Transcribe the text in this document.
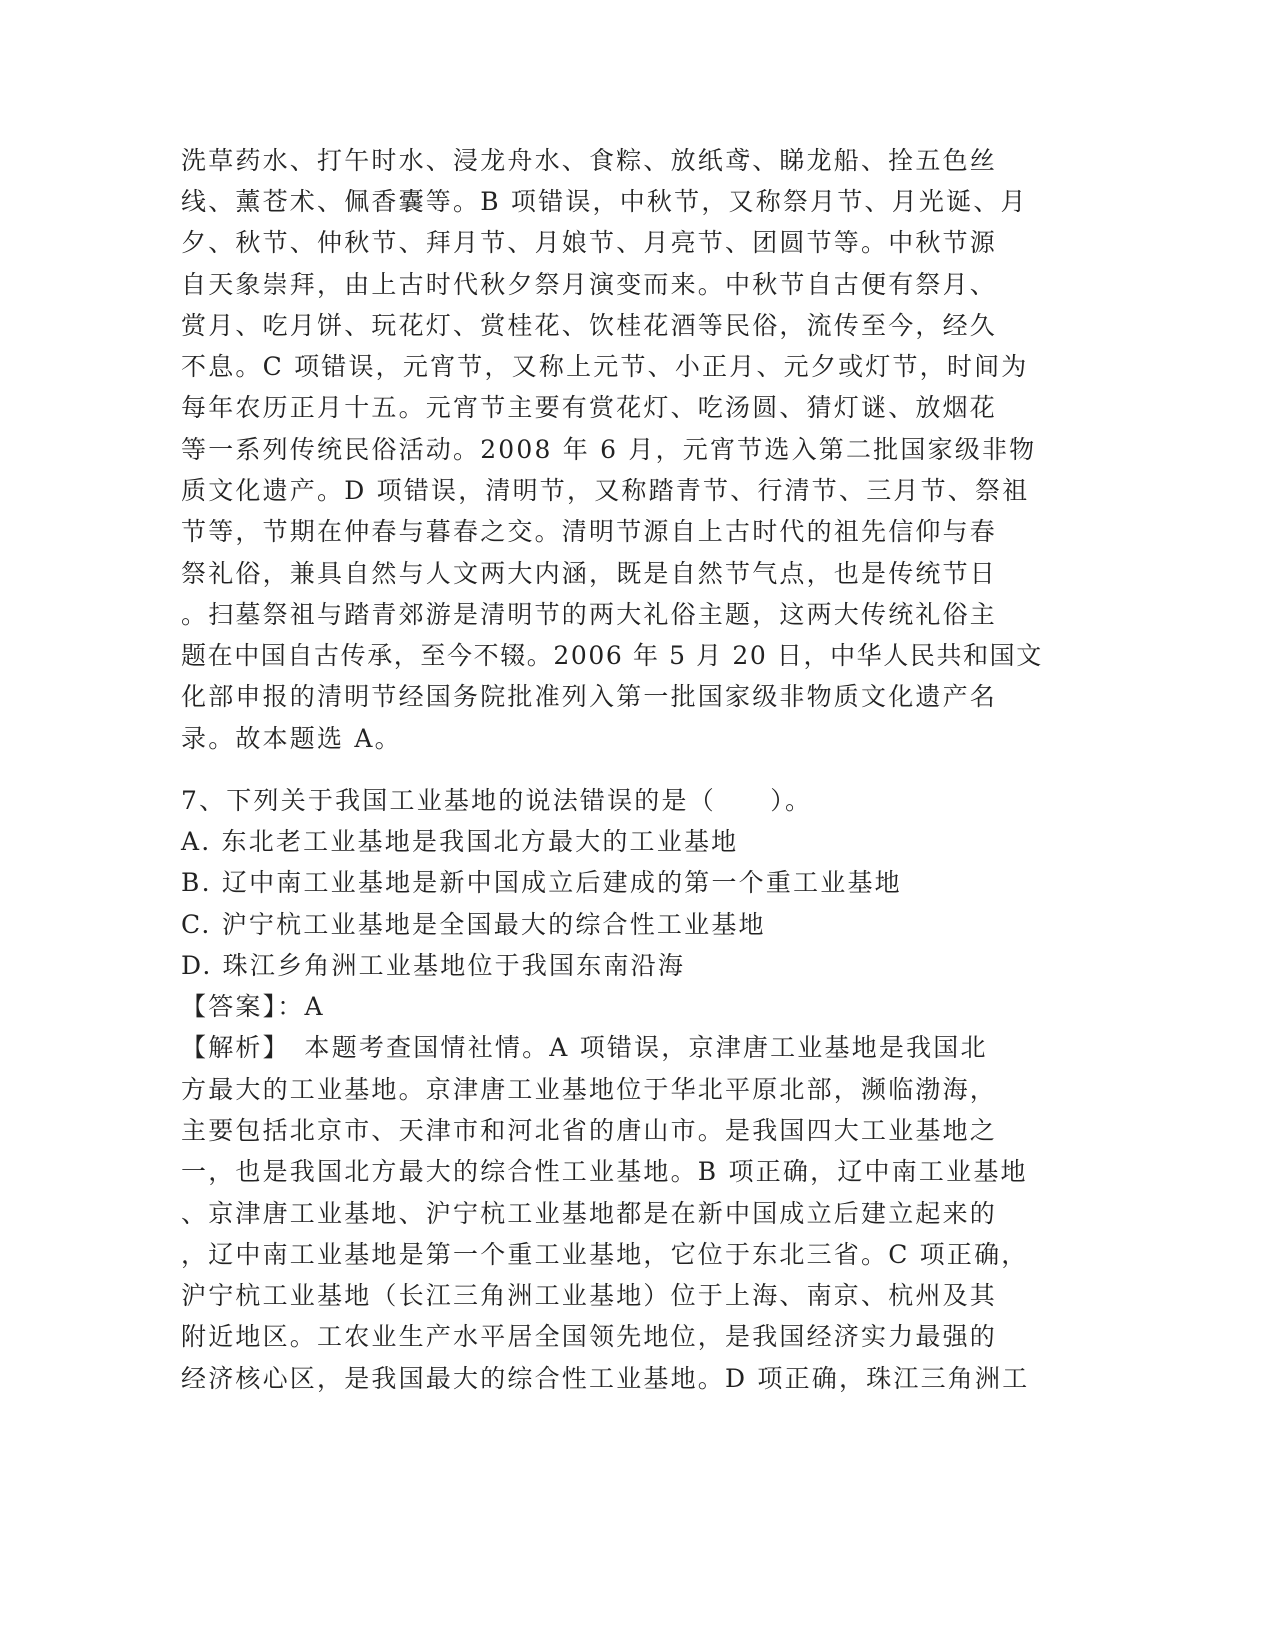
洗草药水、打午时水、浸龙舟水、食粽、放纸鸢、睇龙船、拴五色丝
线、薰苍术、佩香囊等。B 项错误，中秋节，又称祭月节、月光诞、月
夕、秋节、仲秋节、拜月节、月娘节、月亮节、团圆节等。中秋节源
自天象崇拜，由上古时代秋夕祭月演变而来。中秋节自古便有祭月、
赏月、吃月饼、玩花灯、赏桂花、饮桂花酒等民俗，流传至今，经久
不息。C 项错误，元宵节，又称上元节、小正月、元夕或灯节，时间为
每年农历正月十五。元宵节主要有赏花灯、吃汤圆、猜灯谜、放烟花
等一系列传统民俗活动。2008 年 6 月，元宵节选入第二批国家级非物
质文化遗产。D 项错误，清明节，又称踏青节、行清节、三月节、祭祖
节等，节期在仲春与暮春之交。清明节源自上古时代的祖先信仰与春
祭礼俗，兼具自然与人文两大内涵，既是自然节气点，也是传统节日
。扫墓祭祖与踏青郊游是清明节的两大礼俗主题，这两大传统礼俗主
题在中国自古传承，至今不辍。2006 年 5 月 20 日，中华人民共和国文
化部申报的清明节经国务院批准列入第一批国家级非物质文化遗产名
录。故本题选 A。
7、下列关于我国工业基地的说法错误的是（　　）。
A. 东北老工业基地是我国北方最大的工业基地
B. 辽中南工业基地是新中国成立后建成的第一个重工业基地
C. 沪宁杭工业基地是全国最大的综合性工业基地
D. 珠江乡角洲工业基地位于我国东南沿海
【答案】：A
【解析】　本题考查国情社情。A 项错误，京津唐工业基地是我国北
方最大的工业基地。京津唐工业基地位于华北平原北部，濒临渤海，
主要包括北京市、天津市和河北省的唐山市。是我国四大工业基地之
一，也是我国北方最大的综合性工业基地。B 项正确，辽中南工业基地
、京津唐工业基地、沪宁杭工业基地都是在新中国成立后建立起来的
，辽中南工业基地是第一个重工业基地，它位于东北三省。C 项正确，
沪宁杭工业基地（长江三角洲工业基地）位于上海、南京、杭州及其
附近地区。工农业生产水平居全国领先地位，是我国经济实力最强的
经济核心区，是我国最大的综合性工业基地。D 项正确，珠江三角洲工
